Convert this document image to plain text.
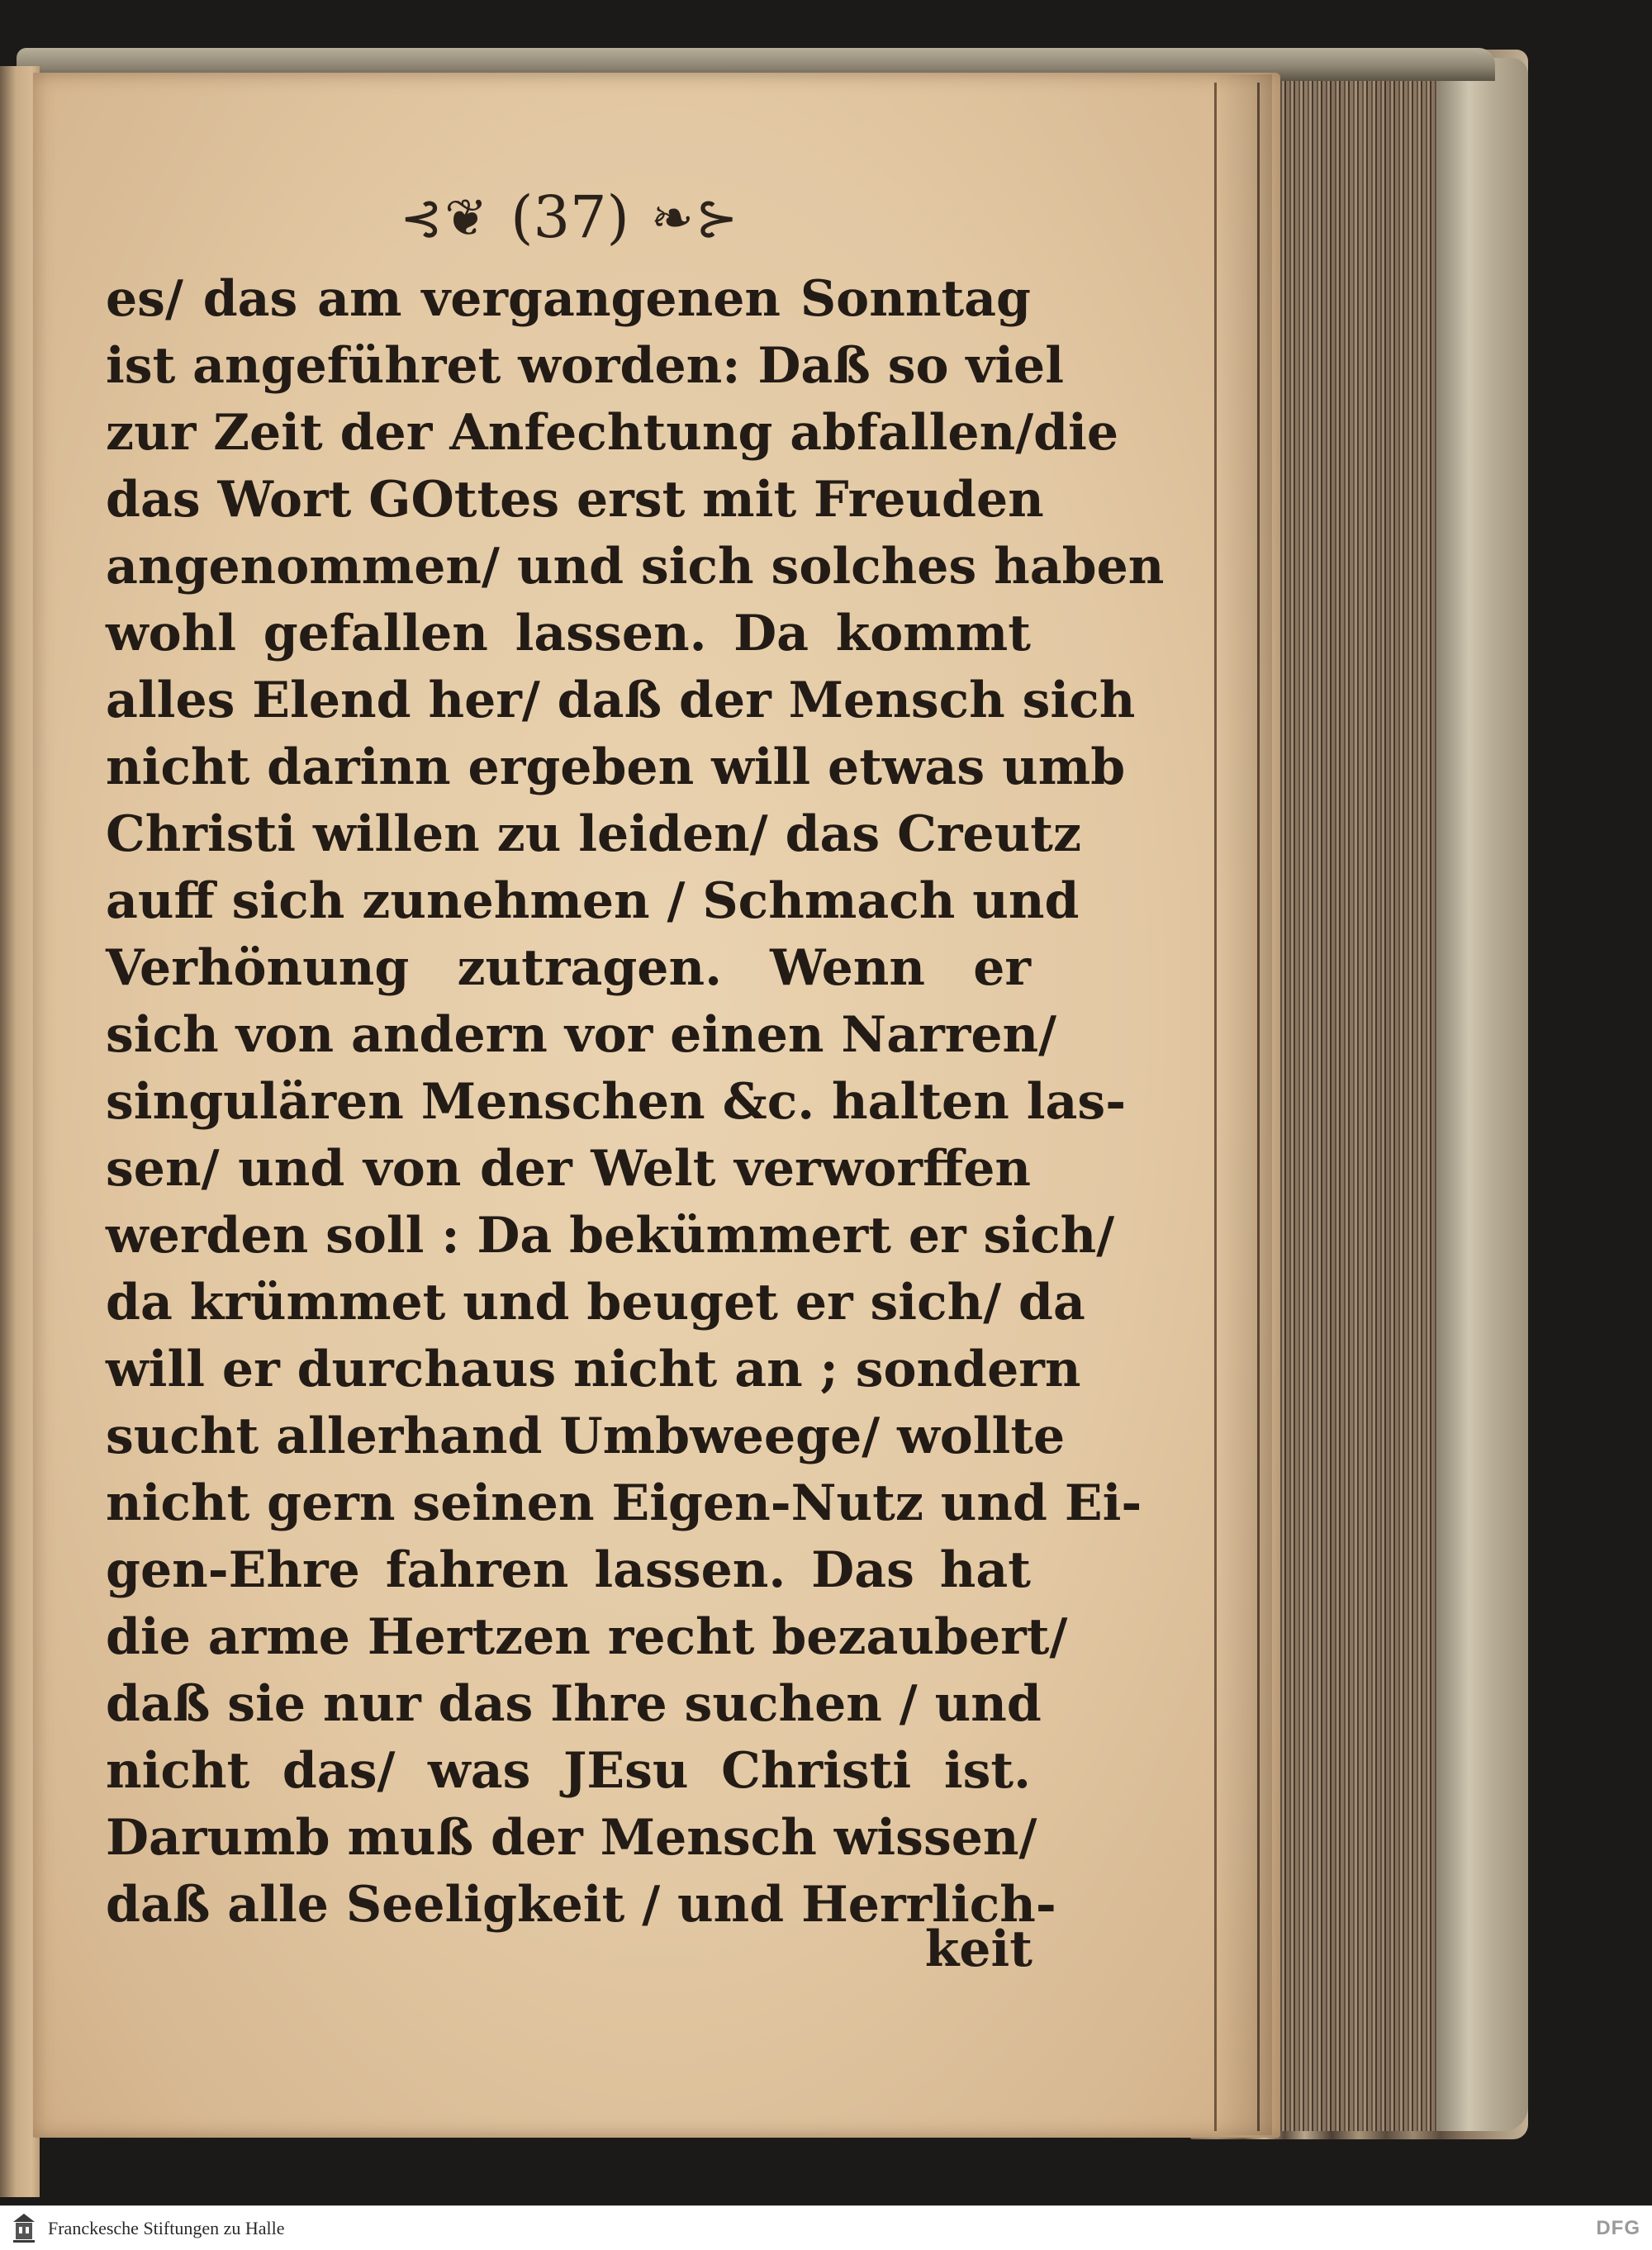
⊰❦ (37) ❧⊱
es/ das am vergangenen Sonntag
ist angeführet worden: Daß so viel
zur Zeit der Anfechtung abfallen/die
das Wort GOttes erst mit Freuden
angenommen/ und sich solches haben
wohl gefallen lassen. Da kommt
alles Elend her/ daß der Mensch sich
nicht darinn ergeben will etwas umb
Christi willen zu leiden/ das Creutz
auff sich zunehmen / Schmach und
Verhönung zutragen. Wenn er
sich von andern vor einen Narren/
singulären Menschen &c. halten las-
sen/ und von der Welt verworffen
werden soll : Da bekümmert er sich/
da krümmet und beuget er sich/ da
will er durchaus nicht an ; sondern
sucht allerhand Umbweege/ wollte
nicht gern seinen Eigen-Nutz und Ei-
gen-Ehre fahren lassen. Das hat
die arme Hertzen recht bezaubert/
daß sie nur das Ihre suchen / und
nicht das/ was JEsu Christi ist.
Darumb muß der Mensch wissen/
daß alle Seeligkeit / und Herrlich-
keit
Franckesche Stiftungen zu Halle	DFG
